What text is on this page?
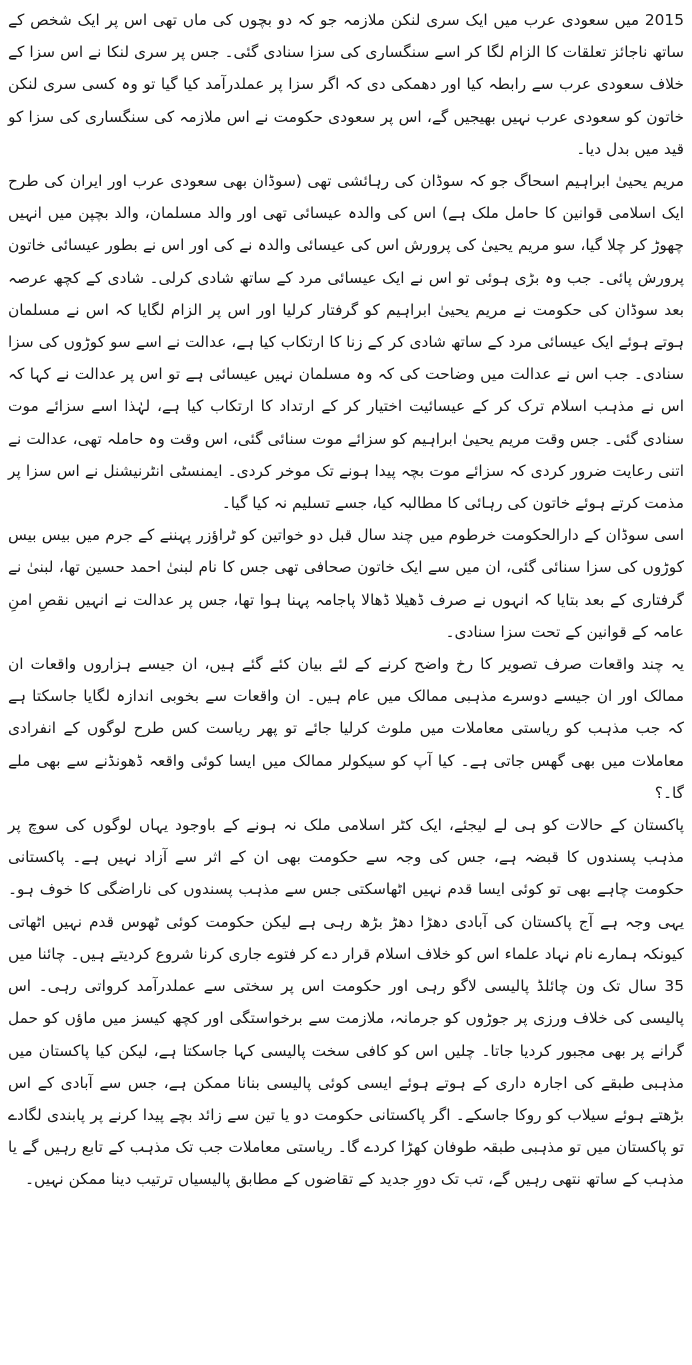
2015 میں سعودی عرب میں ایک سری لنکن ملازمہ جو کہ دو بچوں کی ماں تھی اس پر ایک شخص کے ساتھ ناجائز تعلقات کا الزام لگا کر اسے سنگساری کی سزا سنادی گئی۔ جس پر سری لنکا نے اس سزا کے خلاف سعودی عرب سے رابطہ کیا اور دھمکی دی کہ اگر سزا پر عملدرآمد کیا گیا تو وہ کسی سری لنکن خاتون کو سعودی عرب نہیں بھیجیں گے، اس پر سعودی حکومت نے اس ملازمہ کی سنگساری کی سزا کو قید میں بدل دیا۔

مریم یحییٰ ابراہیم اسحاگ جو کہ سوڈان کی رہائشی تھی (سوڈان بھی سعودی عرب اور ایران کی طرح ایک اسلامی قوانین کا حامل ملک ہے) اس کی والدہ عیسائی تھی اور والد مسلمان، والد بچپن میں انہیں چھوڑ کر چلا گیا، سو مریم یحییٰ کی پرورش اس کی عیسائی والدہ نے کی اور اس نے بطور عیسائی خاتون پرورش پائی۔ جب وہ بڑی ہوئی تو اس نے ایک عیسائی مرد کے ساتھ شادی کرلی۔ شادی کے کچھ عرصہ بعد سوڈان کی حکومت نے مریم یحییٰ ابراہیم کو گرفتار کرلیا اور اس پر الزام لگایا کہ اس نے مسلمان ہوتے ہوئے ایک عیسائی مرد کے ساتھ شادی کر کے زنا کا ارتکاب کیا ہے، عدالت نے اسے سو کوڑوں کی سزا سنادی۔ جب اس نے عدالت میں وضاحت کی کہ وہ مسلمان نہیں عیسائی ہے تو اس پر عدالت نے کہا کہ اس نے مذہب اسلام ترک کر کے عیسائیت اختیار کر کے ارتداد کا ارتکاب کیا ہے، لہٰذا اسے سزائے موت سنادی گئی۔ جس وقت مریم یحییٰ ابراہیم کو سزائے موت سنائی گئی، اس وقت وہ حاملہ تھی، عدالت نے اتنی رعایت ضرور کردی کہ سزائے موت بچہ پیدا ہونے تک موخر کردی۔ ایمنسٹی انٹرنیشنل نے اس سزا پر مذمت کرتے ہوئے خاتون کی رہائی کا مطالبہ کیا، جسے تسلیم نہ کیا گیا۔

اسی سوڈان کے دارالحکومت خرطوم میں چند سال قبل دو خواتین کو ٹراؤزر پہننے کے جرم میں بیس بیس کوڑوں کی سزا سنائی گئی، ان میں سے ایک خاتون صحافی تھی جس کا نام لبنیٰ احمد حسین تھا، لبنیٰ نے گرفتاری کے بعد بتایا کہ انہوں نے صرف ڈھیلا ڈھالا پاجامہ پہنا ہوا تھا، جس پر عدالت نے انہیں نقصِ امنِ عامہ کے قوانین کے تحت سزا سنادی۔

یہ چند واقعات صرف تصویر کا رخ واضح کرنے کے لئے بیان کئے گئے ہیں، ان جیسے ہزاروں واقعات ان ممالک اور ان جیسے دوسرے مذہبی ممالک میں عام ہیں۔ ان واقعات سے بخوبی اندازہ لگایا جاسکتا ہے کہ جب مذہب کو ریاستی معاملات میں ملوث کرلیا جائے تو پھر ریاست کس طرح لوگوں کے انفرادی معاملات میں بھی گھس جاتی ہے۔ کیا آپ کو سیکولر ممالک میں ایسا کوئی واقعہ ڈھونڈنے سے بھی ملے گا۔؟

پاکستان کے حالات کو ہی لے لیجئے، ایک کٹر اسلامی ملک نہ ہونے کے باوجود یہاں لوگوں کی سوچ پر مذہب پسندوں کا قبضہ ہے، جس کی وجہ سے حکومت بھی ان کے اثر سے آزاد نہیں ہے۔ پاکستانی حکومت چاہے بھی تو کوئی ایسا قدم نہیں اٹھاسکتی جس سے مذہب پسندوں کی ناراضگی کا خوف ہو۔ یہی وجہ ہے آج پاکستان کی آبادی دھڑا دھڑ بڑھ رہی ہے لیکن حکومت کوئی ٹھوس قدم نہیں اٹھاتی کیونکہ ہمارے نام نہاد علماء اس کو خلاف اسلام قرار دے کر فتوے جاری کرنا شروع کردیتے ہیں۔ چائنا میں 35 سال تک ون چائلڈ پالیسی لاگو رہی اور حکومت اس پر سختی سے عملدرآمد کرواتی رہی۔ اس پالیسی کی خلاف ورزی پر جوڑوں کو جرمانہ، ملازمت سے برخواستگی اور کچھ کیسز میں ماؤں کو حمل گرانے پر بھی مجبور کردیا جاتا۔ چلیں اس کو کافی سخت پالیسی کہا جاسکتا ہے، لیکن کیا پاکستان میں مذہبی طبقے کی اجارہ داری کے ہوتے ہوئے ایسی کوئی پالیسی بنانا ممکن ہے، جس سے آبادی کے اس بڑھتے ہوئے سیلاب کو روکا جاسکے۔ اگر پاکستانی حکومت دو یا تین سے زائد بچے پیدا کرنے پر پابندی لگادے تو پاکستان میں تو مذہبی طبقہ طوفان کھڑا کردے گا۔ ریاستی معاملات جب تک مذہب کے تابع رہیں گے یا مذہب کے ساتھ نتھی رہیں گے، تب تک دورِ جدید کے تقاضوں کے مطابق پالیسیاں ترتیب دینا ممکن نہیں۔
